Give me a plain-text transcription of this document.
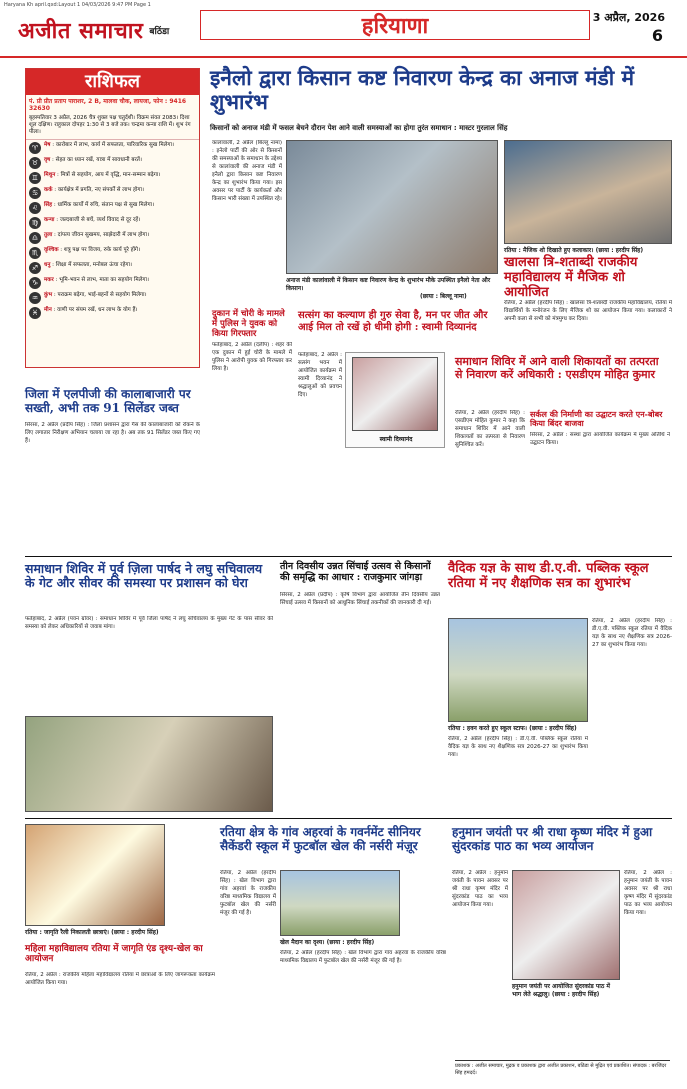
Haryana Kh april.qxd:Layout 1 04/03/2026 9:47 PM Page 1
अजीत समाचार बठिंडा	हरियाणा	3 अप्रैल, 2026
6
राशिफल
पं. प्री प्रीत प्रताप पाराशर, 2 B, मालवा चौक, लायजा, फोन : 9416 32630
बृहस्पतिवार 3 अप्रैल, 2026 चैत्र शुक्ल पक्ष चतुर्दशी। विक्रम संवत 2083। दिशा शूल दक्षिण। राहुकाल दोपहर 1:30 से 3 बजे तक। चन्द्रमा कन्या राशि में। शुभ रंग पीला।
♈	मेष : कारोबार में लाभ, कार्य में सफलता, पारिवारिक सुख मिलेगा।

♉	वृष : सेहत का ध्यान रखें, यात्रा में सावधानी बरतें।

♊	मिथुन : मित्रों से सहयोग, आय में वृद्धि, मान-सम्मान बढ़ेगा।

♋	कर्क : कार्यक्षेत्र में प्रगति, नए संपर्कों से लाभ होगा।

♌	सिंह : धार्मिक कार्यों में रुचि, संतान पक्ष से सुख मिलेगा।

♍	कन्या : जल्दबाजी से बचें, व्यर्थ विवाद से दूर रहें।

♎	तुला : दांपत्य जीवन सुखमय, साझेदारी में लाभ होगा।

♏	वृश्चिक : शत्रु पक्ष पर विजय, रुके कार्य पूरे होंगे।

♐	धनु : शिक्षा में सफलता, मनोबल ऊंचा रहेगा।

♑	मकर : भूमि-भवन से लाभ, माता का सहयोग मिलेगा।

♒	कुंभ : पराक्रम बढ़ेगा, भाई-बहनों से सहयोग मिलेगा।

♓	मीन : वाणी पर संयम रखें, धन लाभ के योग हैं।

इनैलो द्वारा किसान कष्ट निवारण केन्द्र का अनाज मंडी में शुभारंभ
किसानों को अनाज मंडी में फसल बेचने दौरान पेश आने वाली समस्याओं का होगा तुरंत समाधान : मास्टर गुरलाल सिंह
कालांवाली, 2 अप्रैल (बिल्लू नामा) : इनेलो पार्टी की ओर से किसानों की समस्याओं के समाधान के उद्देश्य से कालांवाली की अनाज मंडी में इनैलो द्वारा किसान कष्ट निवारण केन्द्र का शुभारंभ किया गया। इस अवसर पर पार्टी के कार्यकर्ता और किसान भारी संख्या में उपस्थित रहे।
अनाज मंडी कालांवाली में किसान कष्ट निवारण केन्द्र के शुभारंभ मौके उपस्थित इनैलो नेता और किसान।
(छाया : बिल्लू नामा)
रतिया : मैजिक शो दिखाते हुए कलाकार। (छाया : हरदीप सिंह)
खालसा त्रि-शताब्दी राजकीय महाविद्यालय में मैजिक शो आयोजित
रतिया, 2 अप्रैल (हरदीप सिंह) : खालसा त्रि-शताब्दी राजकीय महाविद्यालय, रतिया में विद्यार्थियों के मनोरंजन के लिए मैजिक शो का आयोजन किया गया। कलाकारों ने अपनी कला से सभी को मंत्रमुग्ध कर दिया।
जिला में एलपीजी की कालाबाजारी पर सख्ती, अभी तक 91 सिलेंडर जब्त
सिरसा, 2 अप्रैल (प्रदीप सिंह) : जिला प्रशासन द्वारा गैस की कालाबाजारी को रोकने के लिए लगातार निरीक्षण अभियान चलाया जा रहा है। अब तक 91 सिलेंडर जब्त किए गए हैं।
दुकान में चोरी के मामले में पुलिस ने युवक को किया गिरफ्तार
फतेहाबाद, 2 अप्रैल (दलीप) : शहर की एक दुकान में हुई चोरी के मामले में पुलिस ने आरोपी युवक को गिरफ्तार कर लिया है।
सत्संग का कल्याण ही गुरु सेवा है, मन पर जीत और आई मिल तो रखें हो धीमी होगी : स्वामी दिव्यानंद
स्वामी दिव्यानंद
फतेहाबाद, 2 अप्रैल : सत्संग भवन में आयोजित कार्यक्रम में स्वामी दिव्यानंद ने श्रद्धालुओं को प्रवचन दिए।
समाधान शिविर में आने वाली शिकायतों का तत्परता से निवारण करें अधिकारी : एसडीएम मोहित कुमार
रतिया, 2 अप्रैल (हरदीप सिंह) : एसडीएम मोहित कुमार ने कहा कि समाधान शिविर में आने वाली शिकायतों का तत्परता से निवारण सुनिश्चित करें।
सर्कल की निर्माणी का उद्घाटन करते एन-बोबर किया बिंदर बाजवा
सिरसा, 2 अप्रैल : संस्था द्वारा आयोजित कार्यक्रम में मुख्य अतिथि ने उद्घाटन किया।
समाधान शिविर में पूर्व ज़िला पार्षद ने लघु सचिवालय के गेट और सीवर की समस्या पर प्रशासन को घेरा
फतेहाबाद, 2 अप्रैल (पवन ग्रोवर) : समाधान शिविर में पूर्व जिला पार्षद ने लघु सचिवालय के मुख्य गेट के पास सीवर की समस्या को लेकर अधिकारियों से जवाब मांगा।
तीन दिवसीय उन्नत सिंचाई उत्सव से किसानों की समृद्धि का आधार : राजकुमार जांगड़ा
सिरसा, 2 अप्रैल (प्रदीप) : कृषि विभाग द्वारा आयोजित तीन दिवसीय उन्नत सिंचाई उत्सव में किसानों को आधुनिक सिंचाई तकनीकों की जानकारी दी गई।
वैदिक यज्ञ के साथ डी.ए.वी. पब्लिक स्कूल रतिया में नए शैक्षणिक सत्र का शुभारंभ
रतिया : हवन करते हुए स्कूल स्टाफ। (छाया : हरदीप सिंह)
रतिया, 2 अप्रैल (हरदीप सिंह) : डी.ए.वी. पब्लिक स्कूल रतिया में वैदिक यज्ञ के साथ नए शैक्षणिक सत्र 2026-27 का शुभारंभ किया गया।
रतिया, 2 अप्रैल (हरदीप सिंह) : डी.ए.वी. पब्लिक स्कूल रतिया में वैदिक यज्ञ के साथ नए शैक्षणिक सत्र 2026-27 का शुभारंभ किया गया।
रतिया : जागृति रैली निकालती छात्राएं। (छाया : हरदीप सिंह)
महिला महाविद्यालय रतिया में जागृति एंड दृश्य-खेल का आयोजन
रतिया, 2 अप्रैल : राजकीय महिला महाविद्यालय रतिया में छात्राओं के लिए जागरूकता कार्यक्रम आयोजित किया गया।
रतिया क्षेत्र के गांव अहरवां के गवर्नमेंट सीनियर सैकेंडरी स्कूल में फुटबॉल खेल की नर्सरी मंज़ूर
खेल मैदान का दृश्य। (छाया : हरदीप सिंह)
रतिया, 2 अप्रैल (हरदीप सिंह) : खेल विभाग द्वारा गांव अहरवां के राजकीय वरिष्ठ माध्यमिक विद्यालय में फुटबॉल खेल की नर्सरी मंजूर की गई है।
रतिया, 2 अप्रैल (हरदीप सिंह) : खेल विभाग द्वारा गांव अहरवां के राजकीय वरिष्ठ माध्यमिक विद्यालय में फुटबॉल खेल की नर्सरी मंजूर की गई है।
हनुमान जयंती पर श्री राधा कृष्ण मंदिर में हुआ सुंदरकांड पाठ का भव्य आयोजन
रतिया, 2 अप्रैल : हनुमान जयंती के पावन अवसर पर श्री राधा कृष्ण मंदिर में सुंदरकांड पाठ का भव्य आयोजन किया गया।
हनुमान जयंती पर आयोजित सुंदरकांड पाठ में भाग लेते श्रद्धालु। (छाया : हरदीप सिंह)
रतिया, 2 अप्रैल : हनुमान जयंती के पावन अवसर पर श्री राधा कृष्ण मंदिर में सुंदरकांड पाठ का भव्य आयोजन किया गया।
प्रकाशक : अजीत समाचार, मुद्रक व प्रकाशक द्वारा अजीत प्रकाशन, बठिंडा से मुद्रित एवं प्रकाशित। संपादक : बरजिंदर सिंह हमदर्द।
